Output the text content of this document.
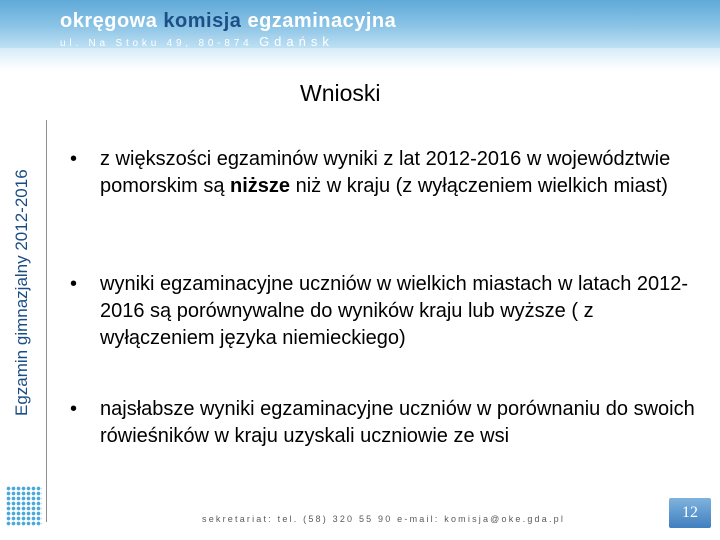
okręgowa komisja egzaminacyjna
ul. Na Stoku 49, 80-874 Gdańsk
Egzamin gimnazjalny 2012-2016
Wnioski
• z większości egzaminów wyniki z lat 2012-2016 w województwie pomorskim są niższe niż w kraju (z wyłączeniem wielkich miast)
• wyniki egzaminacyjne uczniów w wielkich miastach w latach 2012-2016 są porównywalne do wyników kraju lub wyższe ( z wyłączeniem języka niemieckiego)
• najsłabsze wyniki egzaminacyjne uczniów w porównaniu do swoich rówieśników w kraju uzyskali uczniowie ze wsi
sekretariat: tel. (58) 320 55 90 e-mail: komisja@oke.gda.pl	12
